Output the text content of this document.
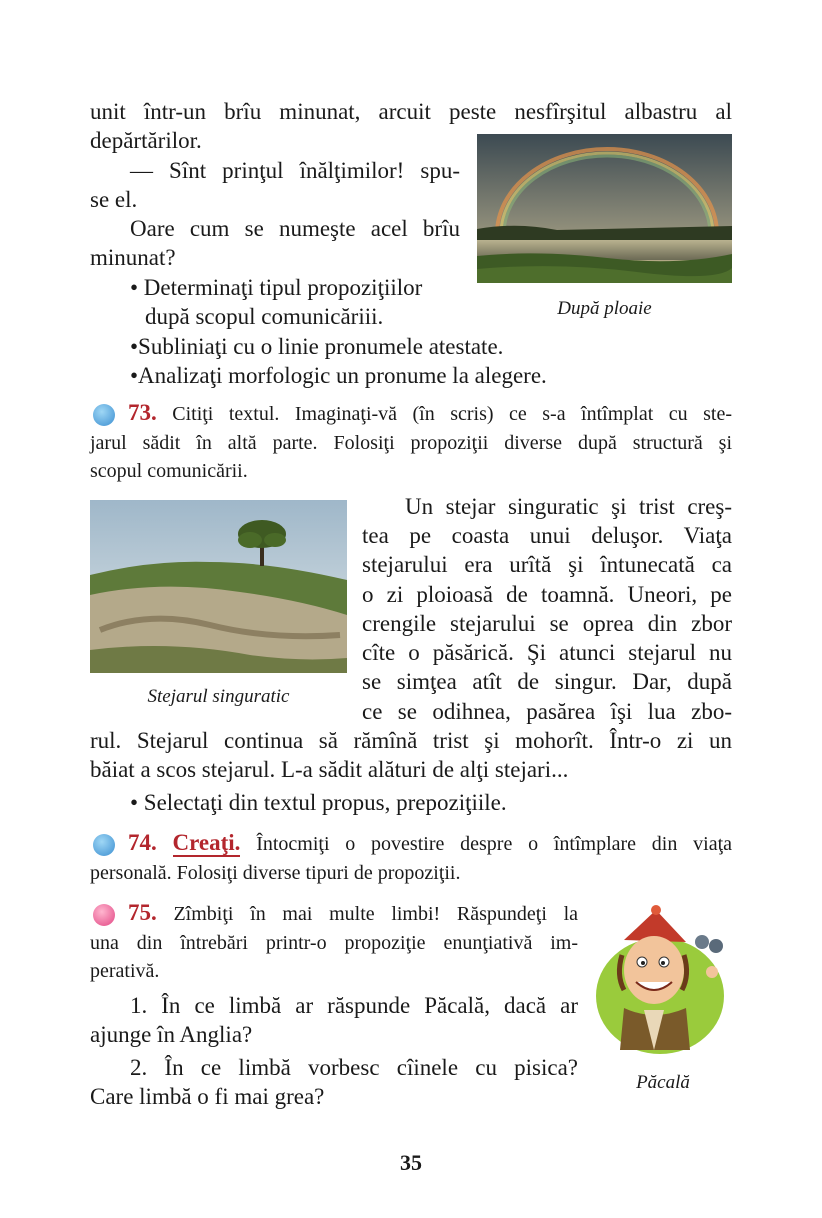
unit într-un brîu minunat, arcuit peste nesfîrşitul albastru al
depărtărilor.
— Sînt prinţul înălţimilor! spu-
se el.
Oare cum se numeşte acel brîu
minunat?
• Determinaţi tipul propoziţiilor
după scopul comunicăriii.
•Subliniaţi cu o linie pronumele atestate.
•Analizaţi morfologic un pronume la alegere.
După ploaie
73. Citiţi textul. Imaginaţi-vă (în scris) ce s-a întîmplat cu ste-
jarul sădit în altă parte. Folosiţi propoziţii diverse după structură şi
scopul comunicării.
Stejarul singuratic
Un stejar singuratic şi trist creş-
tea pe coasta unui deluşor. Viaţa
stejarului era urîtă şi întunecată ca
o zi ploioasă de toamnă. Uneori, pe
crengile stejarului se oprea din zbor
cîte o păsărică. Şi atunci stejarul nu
se simţea atît de singur. Dar, după
ce se odihnea, pasărea îşi lua zbo-
rul. Stejarul continua să rămînă trist şi mohorît. Într-o zi un
băiat a scos stejarul. L-a sădit alături de alţi stejari...
• Selectaţi din textul propus, prepoziţiile.
74. Creaţi. Întocmiţi o povestire despre o întîmplare din viaţa
personală. Folosiţi diverse tipuri de propoziţii.
75. Zîmbiţi în mai multe limbi! Răspundeţi la
una din întrebări printr-o propoziţie enunţiativă im-
perativă.
1. În ce limbă ar răspunde Păcală, dacă ar
ajunge în Anglia?
2. În ce limbă vorbesc cîinele cu pisica?
Care limbă o fi mai grea?
Păcală
35
